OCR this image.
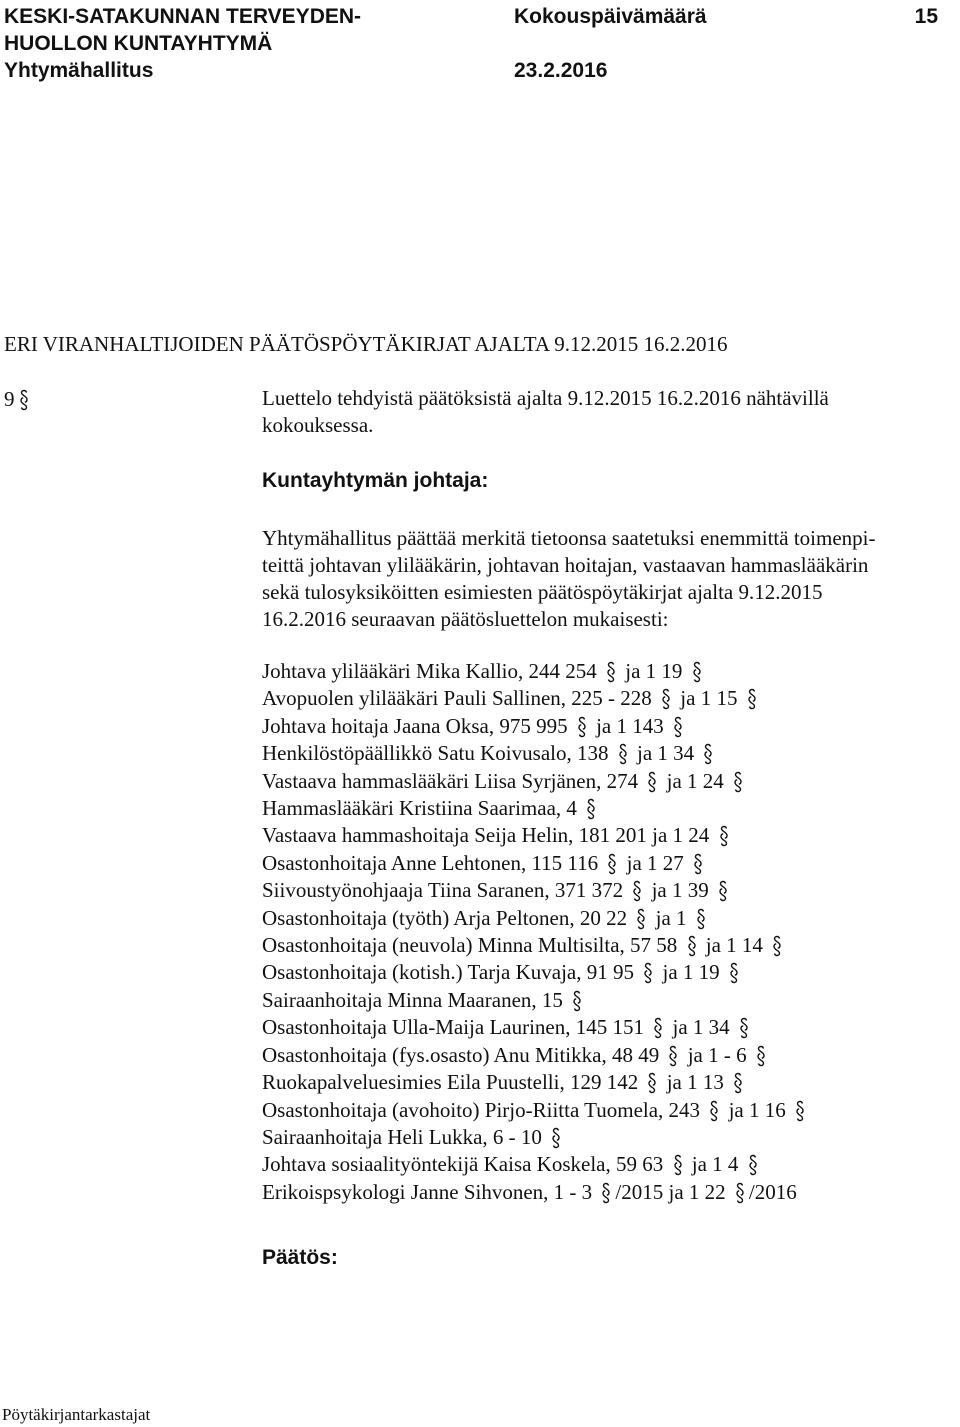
KESKI-SATAKUNNAN TERVEYDEN-
HUOLLON KUNTAYHTYMÄ
Yhtymähallitus
Kokouspäivämäärä
23.2.2016
15
ERI VIRANHALTIJOIDEN PÄÄTÖSPÖYTÄKIRJAT AJALTA 9.12.2015 16.2.2016
9	Luettelo tehdyistä päätöksistä ajalta 9.12.2015 16.2.2016 nähtävillä kokouksessa.
Kuntayhtymän johtaja:
Yhtymähallitus päättää merkitä tietoonsa saatetuksi enemmittä toimenpi-
teittä johtavan ylilääkärin, johtavan hoitajan, vastaavan hammaslääkärin
sekä tulosyksiköitten esimiesten päätöspöytäkirjat ajalta 9.12.2015
16.2.2016 seuraavan päätösluettelon mukaisesti:
Johtava ylilääkäri Mika Kallio, 244 254  ja 1 19
Avopuolen ylilääkäri Pauli Sallinen, 225 - 228  ja 1 15
Johtava hoitaja Jaana Oksa, 975 995  ja 1 143
Henkilöstöpäällikkö Satu Koivusalo, 138  ja 1 34
Vastaava hammaslääkäri Liisa Syrjänen, 274  ja 1 24
Hammaslääkäri Kristiina Saarimaa, 4
Vastaava hammashoitaja Seija Helin, 181 201 ja 1 24
Osastonhoitaja Anne Lehtonen, 115 116  ja 1 27
Siivoustyönohjaaja Tiina Saranen, 371 372  ja 1 39
Osastonhoitaja (työth) Arja Peltonen, 20 22  ja 1
Osastonhoitaja (neuvola) Minna Multisilta, 57 58  ja 1 14
Osastonhoitaja (kotish.) Tarja Kuvaja, 91 95  ja 1 19
Sairaanhoitaja Minna Maaranen, 15
Osastonhoitaja Ulla-Maija Laurinen, 145 151  ja 1 34
Osastonhoitaja (fys.osasto) Anu Mitikka, 48 49  ja 1 - 6
Ruokapalveluesimies Eila Puustelli, 129 142  ja 1 13
Osastonhoitaja (avohoito) Pirjo-Riitta Tuomela, 243  ja 1 16
Sairaanhoitaja Heli Lukka, 6 - 10
Johtava sosiaalityöntekijä Kaisa Koskela, 59 63  ja 1 4
Erikoispsykologi Janne Sihvonen, 1 - 3 /2015 ja 1 22 /2016
Päätös:
Pöytäkirjantarkastajat
